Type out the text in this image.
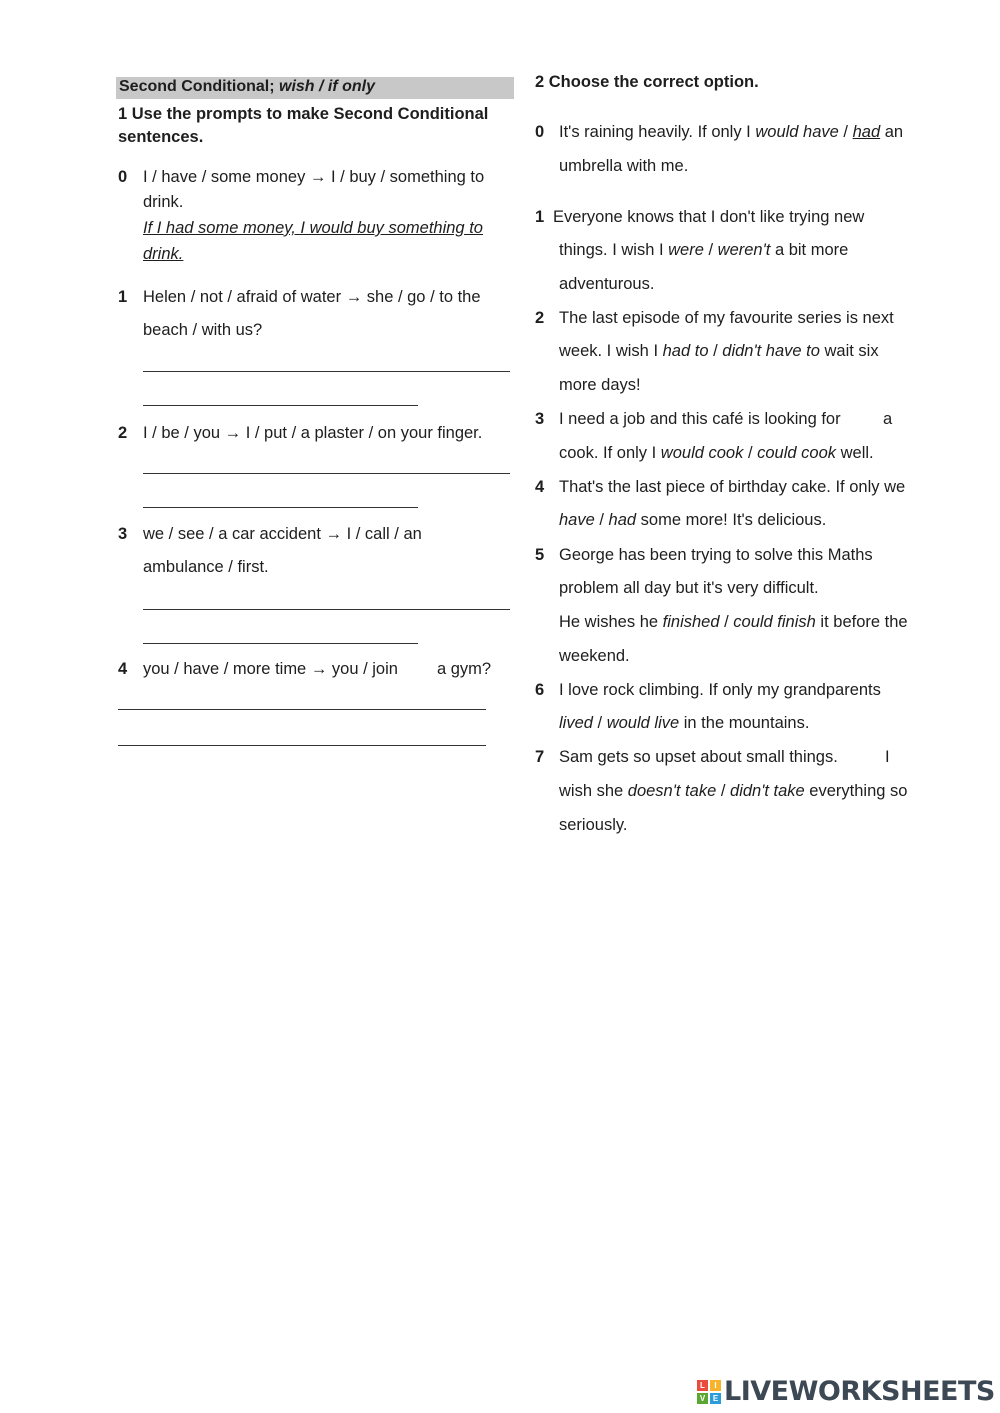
Second Conditional; wish / if only
1 Use the prompts to make Second Conditional
sentences.
0 I / have / some money → I / buy / something to
drink.
If I had some money, I would buy something to
drink.
1 Helen / not / afraid of water → she / go / to the
beach / with us?
2 I / be / you → I / put / a plaster / on your finger.
3 we / see / a car accident → I / call / an
ambulance / first.
4 you / have / more time → you / join a gym?
2 Choose the correct option.
0 It's raining heavily. If only I would have / had an
umbrella with me.
1 Everyone knows that I don't like trying new
things. I wish I were / weren't a bit more
adventurous.
2 The last episode of my favourite series is next
week. I wish I had to / didn't have to wait six
more days!
3 I need a job and this café is looking for	a
cook. If only I would cook / could cook well.
4 That's the last piece of birthday cake. If only we
have / had some more! It's delicious.
5 George has been trying to solve this Maths
problem all day but it's very difficult.
He wishes he finished / could finish it before the
weekend.
6 I love rock climbing. If only my grandparents
lived / would live in the mountains.
7 Sam gets so upset about small things.	I
wish she doesn't take / didn't take everything so
seriously.
L	I
V E LIVEWORKSHEETS
